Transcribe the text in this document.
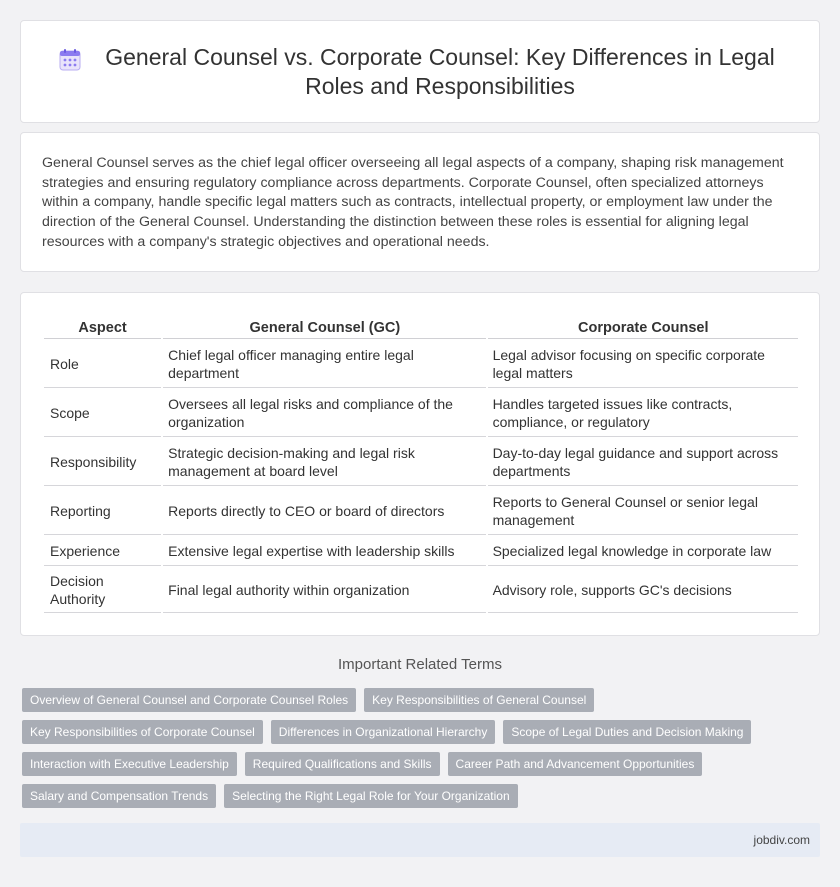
General Counsel vs. Corporate Counsel: Key Differences in Legal Roles and Responsibilities

General Counsel serves as the chief legal officer overseeing all legal aspects of a company, shaping risk management strategies and ensuring regulatory compliance across departments. Corporate Counsel, often specialized attorneys within a company, handle specific legal matters such as contracts, intellectual property, or employment law under the direction of the General Counsel. Understanding the distinction between these roles is essential for aligning legal resources with a company's strategic objectives and operational needs.

Aspect	General Counsel (GC)	Corporate Counsel
Role	Chief legal officer managing entire legal department	Legal advisor focusing on specific corporate legal matters
Scope	Oversees all legal risks and compliance of the organization	Handles targeted issues like contracts, compliance, or regulatory
Responsibility	Strategic decision-making and legal risk management at board level	Day-to-day legal guidance and support across departments
Reporting	Reports directly to CEO or board of directors	Reports to General Counsel or senior legal management
Experience	Extensive legal expertise with leadership skills	Specialized legal knowledge in corporate law
Decision Authority	Final legal authority within organization	Advisory role, supports GC's decisions
Important Related Terms
Overview of General Counsel and Corporate Counsel Roles	Key Responsibilities of General Counsel
Key Responsibilities of Corporate Counsel	Differences in Organizational Hierarchy	Scope of Legal Duties and Decision Making
Interaction with Executive Leadership	Required Qualifications and Skills	Career Path and Advancement Opportunities
Salary and Compensation Trends	Selecting the Right Legal Role for Your Organization
jobdiv.com
